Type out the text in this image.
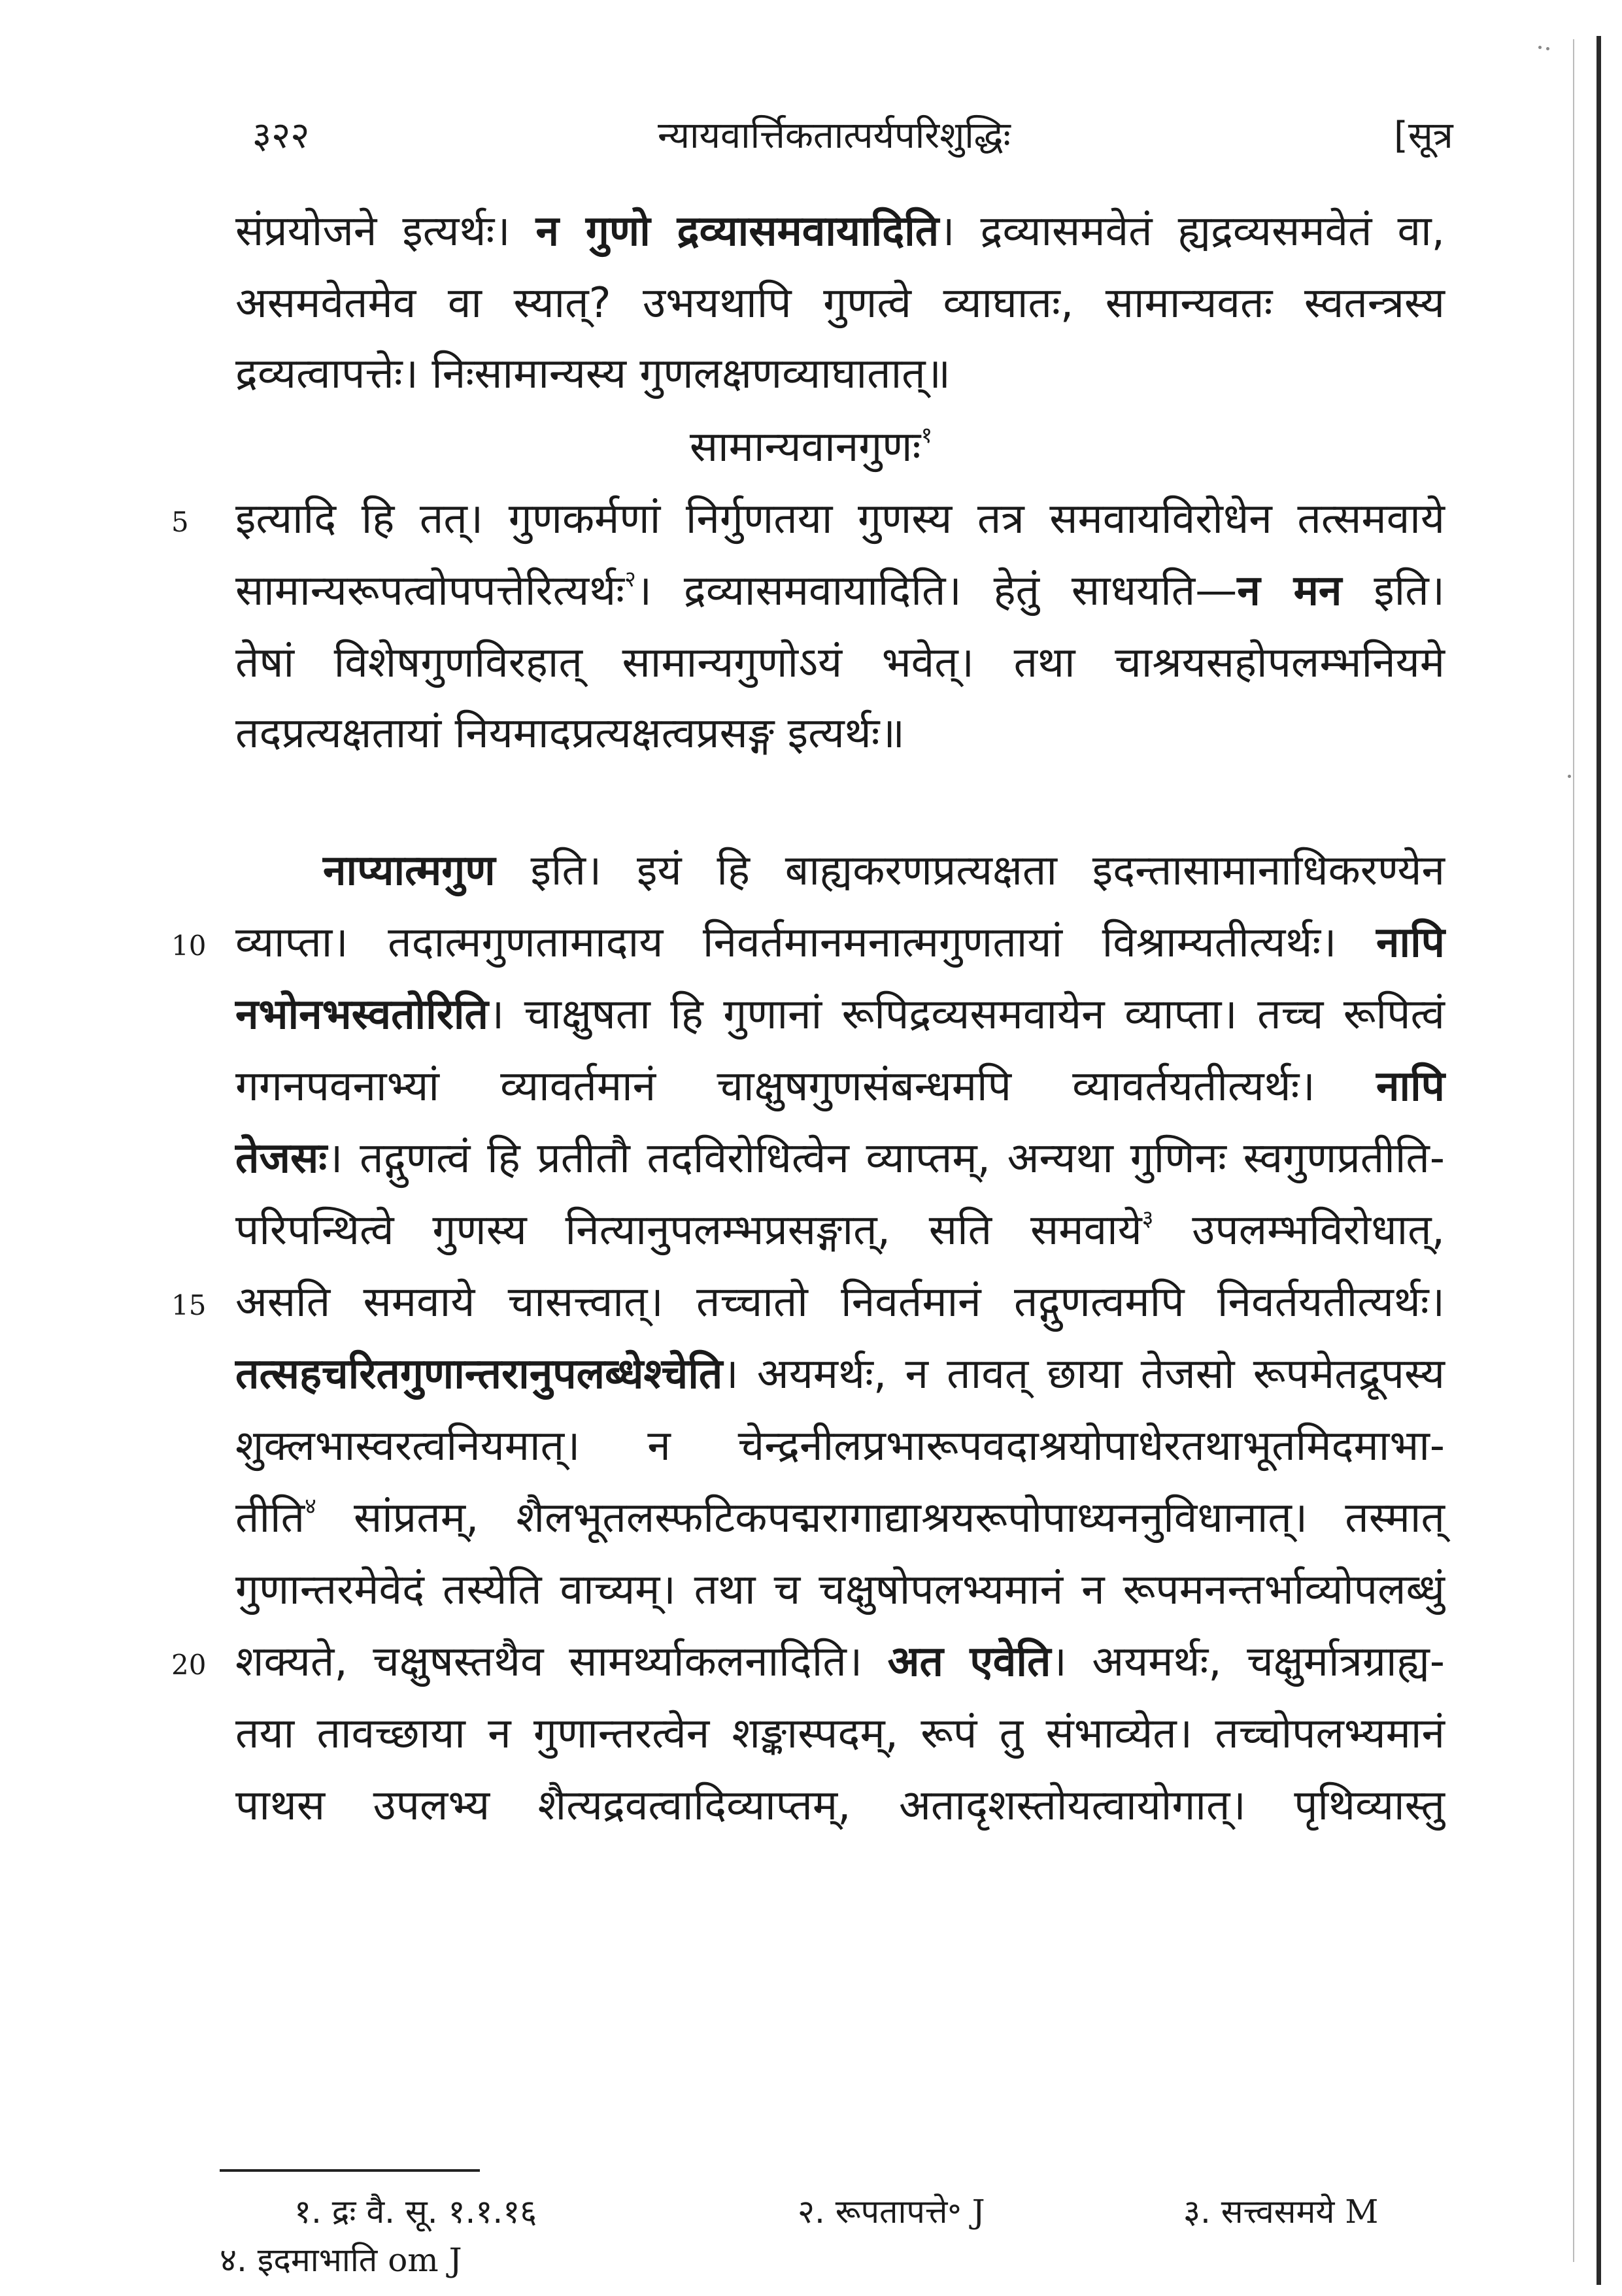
३२२	न्यायवार्त्तिकतात्पर्यपरिशुद्धिः	[सूत्र
संप्रयोजने इत्यर्थः। न गुणो द्रव्यासमवायादिति। द्रव्यासमवेतं ह्यद्रव्यसमवेतं वा,
असमवेतमेव वा स्यात्? उभयथापि गुणत्वे व्याघातः, सामान्यवतः स्वतन्त्रस्य
द्रव्यत्वापत्तेः। निःसामान्यस्य गुणलक्षणव्याघातात्॥
सामान्यवानगुणः$^१$
इत्यादि हि तत्। गुणकर्मणां निर्गुणतया गुणस्य तत्र समवायविरोधेन तत्समवाये
5
सामान्यरूपत्वोपपत्तेरित्यर्थः$^२$। द्रव्यासमवायादिति। हेतुं साधयति—न मन इति।
तेषां विशेषगुणविरहात् सामान्यगुणोऽयं भवेत्। तथा चाश्रयसहोपलम्भनियमे
तदप्रत्यक्षतायां नियमादप्रत्यक्षत्वप्रसङ्ग इत्यर्थः॥
नाप्यात्मगुण इति। इयं हि बाह्यकरणप्रत्यक्षता इदन्तासामानाधिकरण्येन
व्याप्ता। तदात्मगुणतामादाय निवर्तमानमनात्मगुणतायां विश्राम्यतीत्यर्थः। नापि
10
नभोनभस्वतोरिति। चाक्षुषता हि गुणानां रूपिद्रव्यसमवायेन व्याप्ता। तच्च रूपित्वं
गगनपवनाभ्यां व्यावर्तमानं चाक्षुषगुणसंबन्धमपि व्यावर्तयतीत्यर्थः। नापि
तेजसः। तद्गुणत्वं हि प्रतीतौ तदविरोधित्वेन व्याप्तम्, अन्यथा गुणिनः स्वगुणप्रतीति-
परिपन्थित्वे गुणस्य नित्यानुपलम्भप्रसङ्गात्, सति समवाये$^३$ उपलम्भविरोधात्,
असति समवाये चासत्त्वात्। तच्चातो निवर्तमानं तद्गुणत्वमपि निवर्तयतीत्यर्थः।
15
तत्सहचरितगुणान्तरानुपलब्धेश्चेति। अयमर्थः, न तावत् छाया तेजसो रूपमेतद्रूपस्य
शुक्लभास्वरत्वनियमात्। न चेन्द्रनीलप्रभारूपवदाश्रयोपाधेरतथाभूतमिदमाभा-
तीति$^४$ सांप्रतम्, शैलभूतलस्फटिकपद्मरागाद्याश्रयरूपोपाध्यननुविधानात्। तस्मात्
गुणान्तरमेवेदं तस्येति वाच्यम्। तथा च चक्षुषोपलभ्यमानं न रूपमनन्तर्भाव्योपलब्धुं
शक्यते, चक्षुषस्तथैव सामर्थ्याकलनादिति। अत एवेति। अयमर्थः, चक्षुर्मात्रग्राह्य-
20
तया तावच्छाया न गुणान्तरत्वेन शङ्कास्पदम्, रूपं तु संभाव्येत। तच्चोपलभ्यमानं
पाथस उपलभ्य शैत्यद्रवत्वादिव्याप्तम्, अतादृशस्तोयत्वायोगात्। पृथिव्यास्तु
१. द्रः वै. सू. १.१.१६	२. रूपतापत्ते॰ J	३. सत्त्वसमये M
४. इदमाभाति om J
